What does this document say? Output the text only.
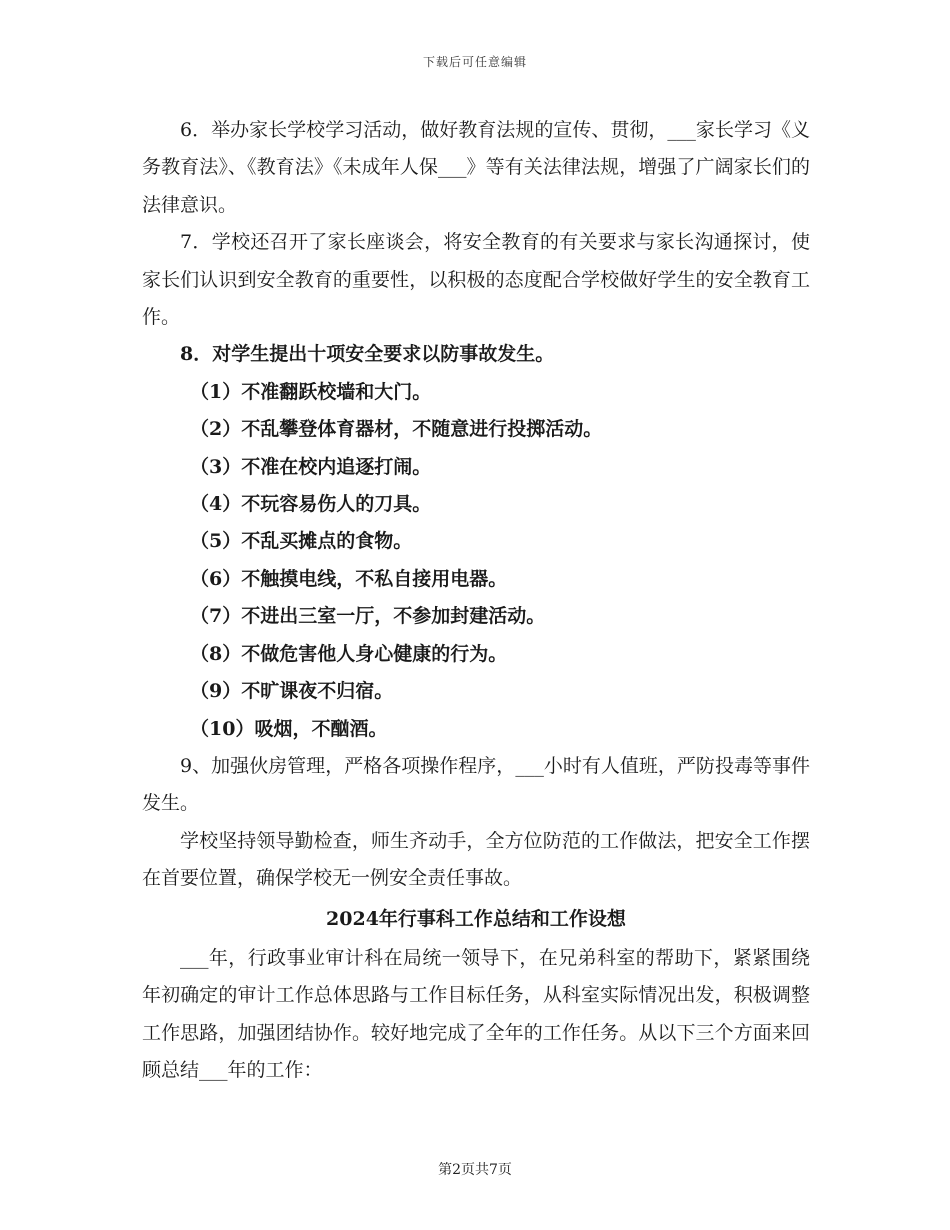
下载后可任意编辑

6．举办家长学校学习活动，做好教育法规的宣传、贯彻，___家长学习《义务教育法》、《教育法》《未成年人保___》等有关法律法规，增强了广阔家长们的法律意识。

7．学校还召开了家长座谈会，将安全教育的有关要求与家长沟通探讨，使家长们认识到安全教育的重要性，以积极的态度配合学校做好学生的安全教育工作。

8．对学生提出十项安全要求以防事故发生。

（1）不准翻跃校墙和大门。

（2）不乱攀登体育器材，不随意进行投掷活动。

（3）不准在校内追逐打闹。

（4）不玩容易伤人的刀具。

（5）不乱买摊点的食物。

（6）不触摸电线，不私自接用电器。

（7）不进出三室一厅，不参加封建活动。

（8）不做危害他人身心健康的行为。

（9）不旷课夜不归宿。

（10）吸烟，不酗酒。

9、加强伙房管理，严格各项操作程序，___小时有人值班，严防投毒等事件发生。

学校坚持领导勤检查，师生齐动手，全方位防范的工作做法，把安全工作摆在首要位置，确保学校无一例安全责任事故。

2024年行事科工作总结和工作设想

___年，行政事业审计科在局统一领导下，在兄弟科室的帮助下，紧紧围绕年初确定的审计工作总体思路与工作目标任务，从科室实际情况出发，积极调整工作思路，加强团结协作。较好地完成了全年的工作任务。从以下三个方面来回顾总结___年的工作：

第2页共7页
